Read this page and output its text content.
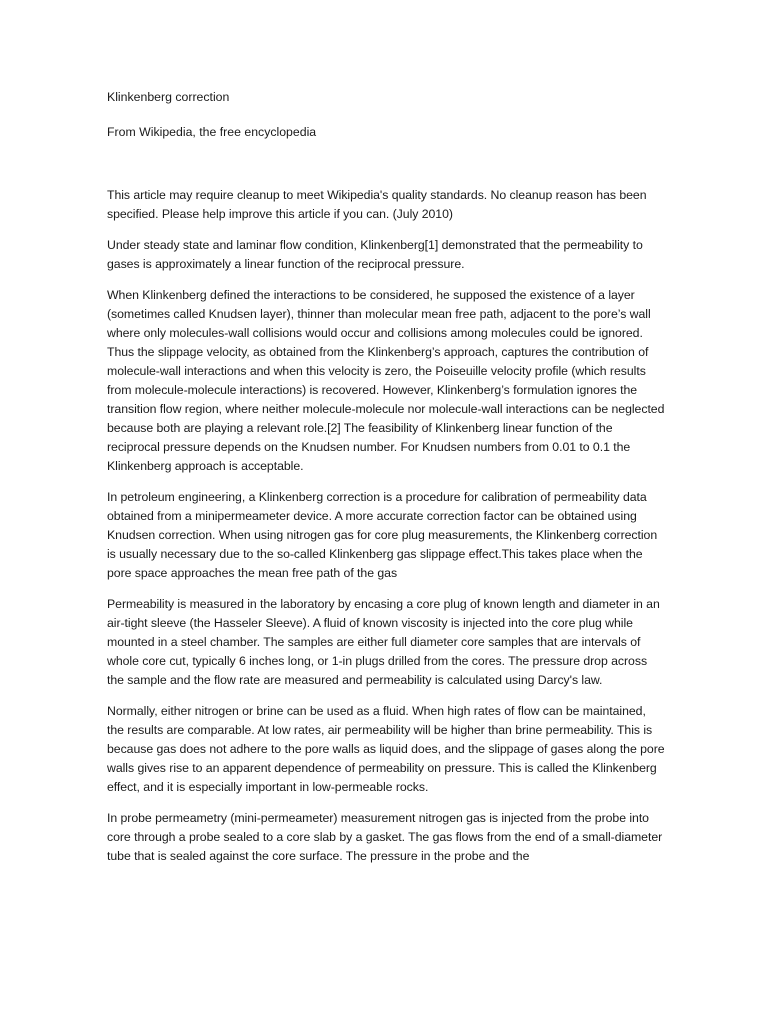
Klinkenberg correction

From Wikipedia, the free encyclopedia

This article may require cleanup to meet Wikipedia's quality standards. No cleanup reason has been specified. Please help improve this article if you can. (July 2010)

Under steady state and laminar flow condition, Klinkenberg[1] demonstrated that the permeability to gases is approximately a linear function of the reciprocal pressure.

When Klinkenberg defined the interactions to be considered, he supposed the existence of a layer (sometimes called Knudsen layer), thinner than molecular mean free path, adjacent to the pore’s wall where only molecules-wall collisions would occur and collisions among molecules could be ignored. Thus the slippage velocity, as obtained from the Klinkenberg’s approach, captures the contribution of molecule-wall interactions and when this velocity is zero, the Poiseuille velocity profile (which results from molecule-molecule interactions) is recovered. However, Klinkenberg’s formulation ignores the transition flow region, where neither molecule-molecule nor molecule-wall interactions can be neglected because both are playing a relevant role.[2] The feasibility of Klinkenberg linear function of the reciprocal pressure depends on the Knudsen number. For Knudsen numbers from 0.01 to 0.1 the Klinkenberg approach is acceptable.

In petroleum engineering, a Klinkenberg correction is a procedure for calibration of permeability data obtained from a minipermeameter device. A more accurate correction factor can be obtained using Knudsen correction. When using nitrogen gas for core plug measurements, the Klinkenberg correction is usually necessary due to the so-called Klinkenberg gas slippage effect.This takes place when the pore space approaches the mean free path of the gas

Permeability is measured in the laboratory by encasing a core plug of known length and diameter in an air-tight sleeve (the Hasseler Sleeve). A fluid of known viscosity is injected into the core plug while mounted in a steel chamber. The samples are either full diameter core samples that are intervals of whole core cut, typically 6 inches long, or 1-in plugs drilled from the cores. The pressure drop across the sample and the flow rate are measured and permeability is calculated using Darcy's law.

Normally, either nitrogen or brine can be used as a fluid. When high rates of flow can be maintained, the results are comparable. At low rates, air permeability will be higher than brine permeability. This is because gas does not adhere to the pore walls as liquid does, and the slippage of gases along the pore walls gives rise to an apparent dependence of permeability on pressure. This is called the Klinkenberg effect, and it is especially important in low-permeable rocks.

In probe permeametry (mini-permeameter) measurement nitrogen gas is injected from the probe into core through a probe sealed to a core slab by a gasket. The gas flows from the end of a small-diameter tube that is sealed against the core surface. The pressure in the probe and the
